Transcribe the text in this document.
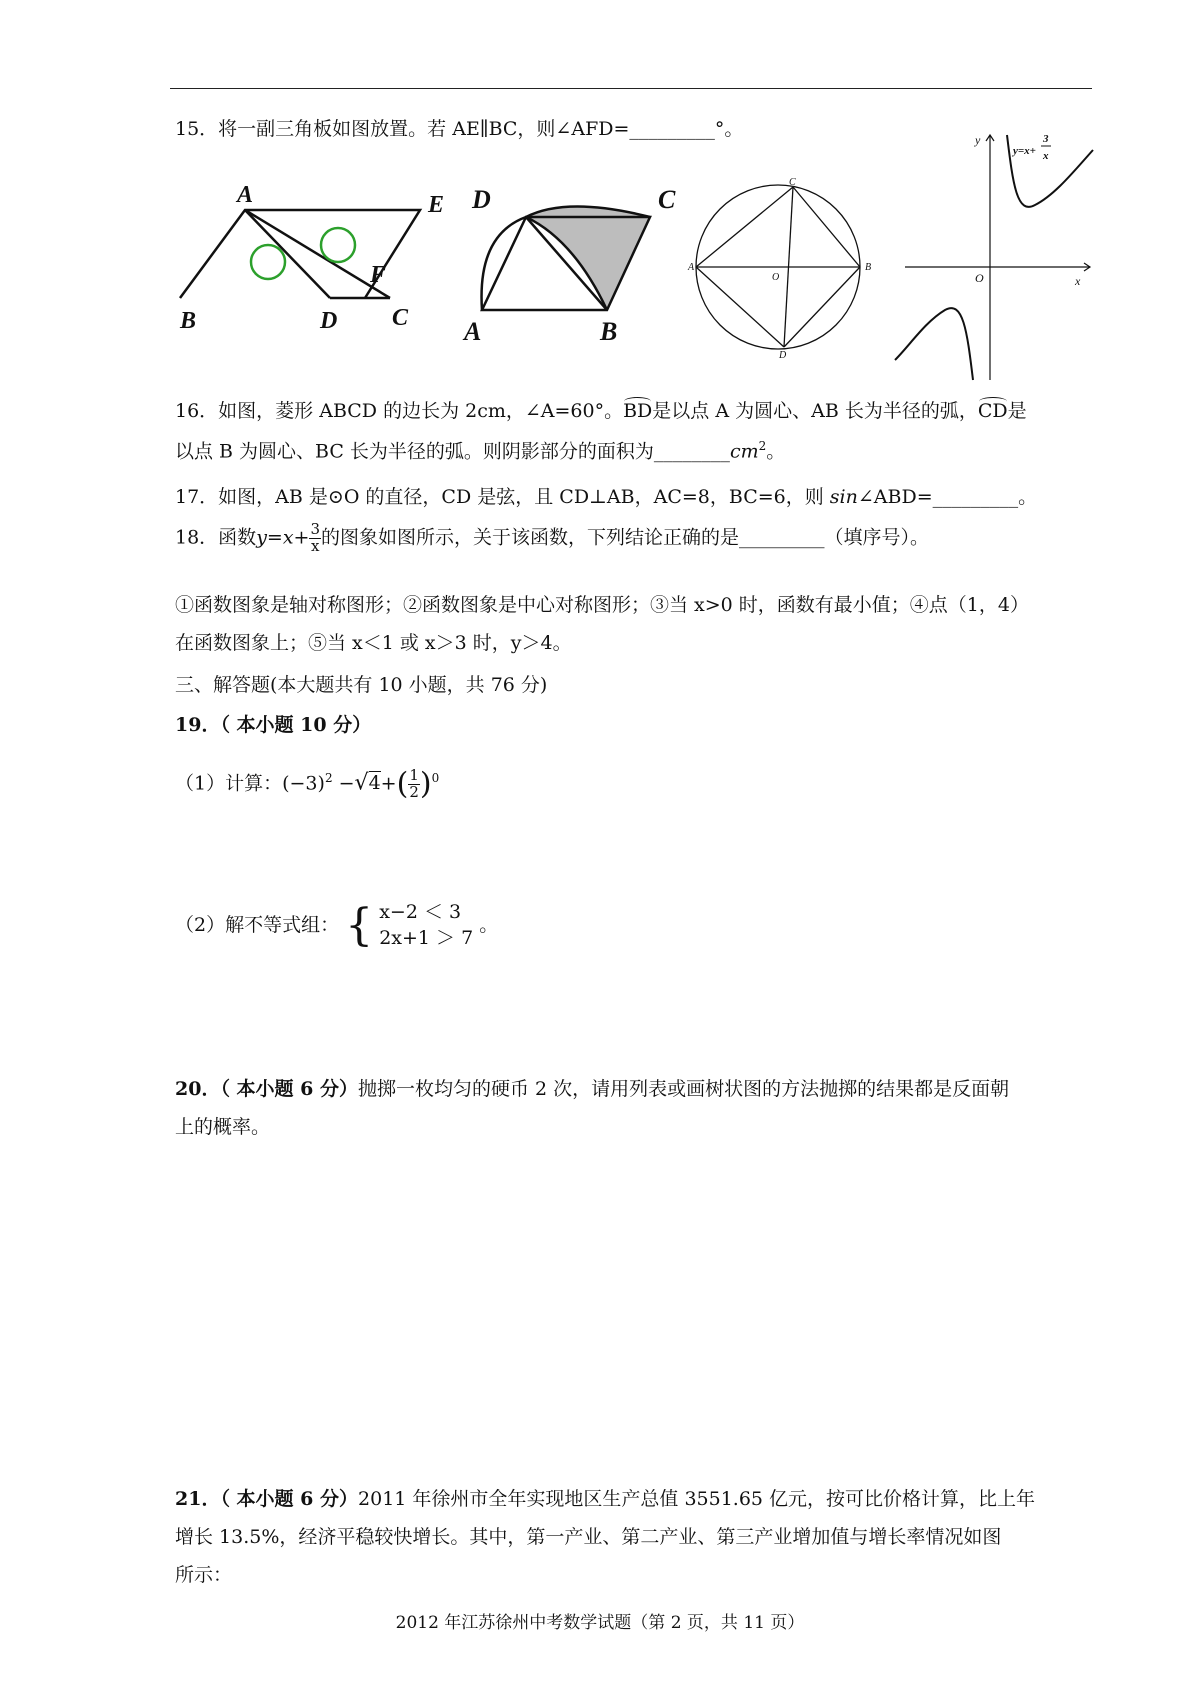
15．将一副三角板如图放置。若 AE∥BC，则∠AFD=_________°。
A	E
F
B	D C
D	C
A	B
C
A
O
B
D
y
O	x
y=x+
3
x
16．如图，菱形 ABCD 的边长为 2cm，∠A=60°。BD是以点 A 为圆心、AB 长为半径的弧，CD是
以点 B 为圆心、BC 长为半径的弧。则阴影部分的面积为$\_\_\_\_\_\_\_\_cm^2$。
17．如图，AB 是⊙O 的直径，CD 是弦，且 CD⊥AB，AC=8，BC=6，则 sin∠ABD=_________。
18．函数$y=x+ \frac{3}{x}$ 的图象如图所示，关于该函数，下列结论正确的是_________（填序号）。
①函数图象是轴对称图形；②函数图象是中心对称图形；③当 x>0 时，函数有最小值；④点（1，4）
在函数图象上；⑤当 x＜1 或 x＞3 时，y＞4。
三、解答题(本大题共有 10 小题，共 76 分)
19．（ 本小题 10 分）
（1）计算：$(-3)^2 -√4+( \frac{1}{2} )^0$
（2）解不等式组： { x−2 ＜ 3
2x+1 ＞ 7
。
20．（ 本小题 6 分）抛掷一枚均匀的硬币 2 次，请用列表或画树状图的方法抛掷的结果都是反面朝
上的概率。
21．（ 本小题 6 分）2011 年徐州市全年实现地区生产总值 3551.65 亿元，按可比价格计算，比上年
增长 13.5%，经济平稳较快增长。其中，第一产业、第二产业、第三产业增加值与增长率情况如图
所示：
2012 年江苏徐州中考数学试题（第 2 页，共 11 页）
